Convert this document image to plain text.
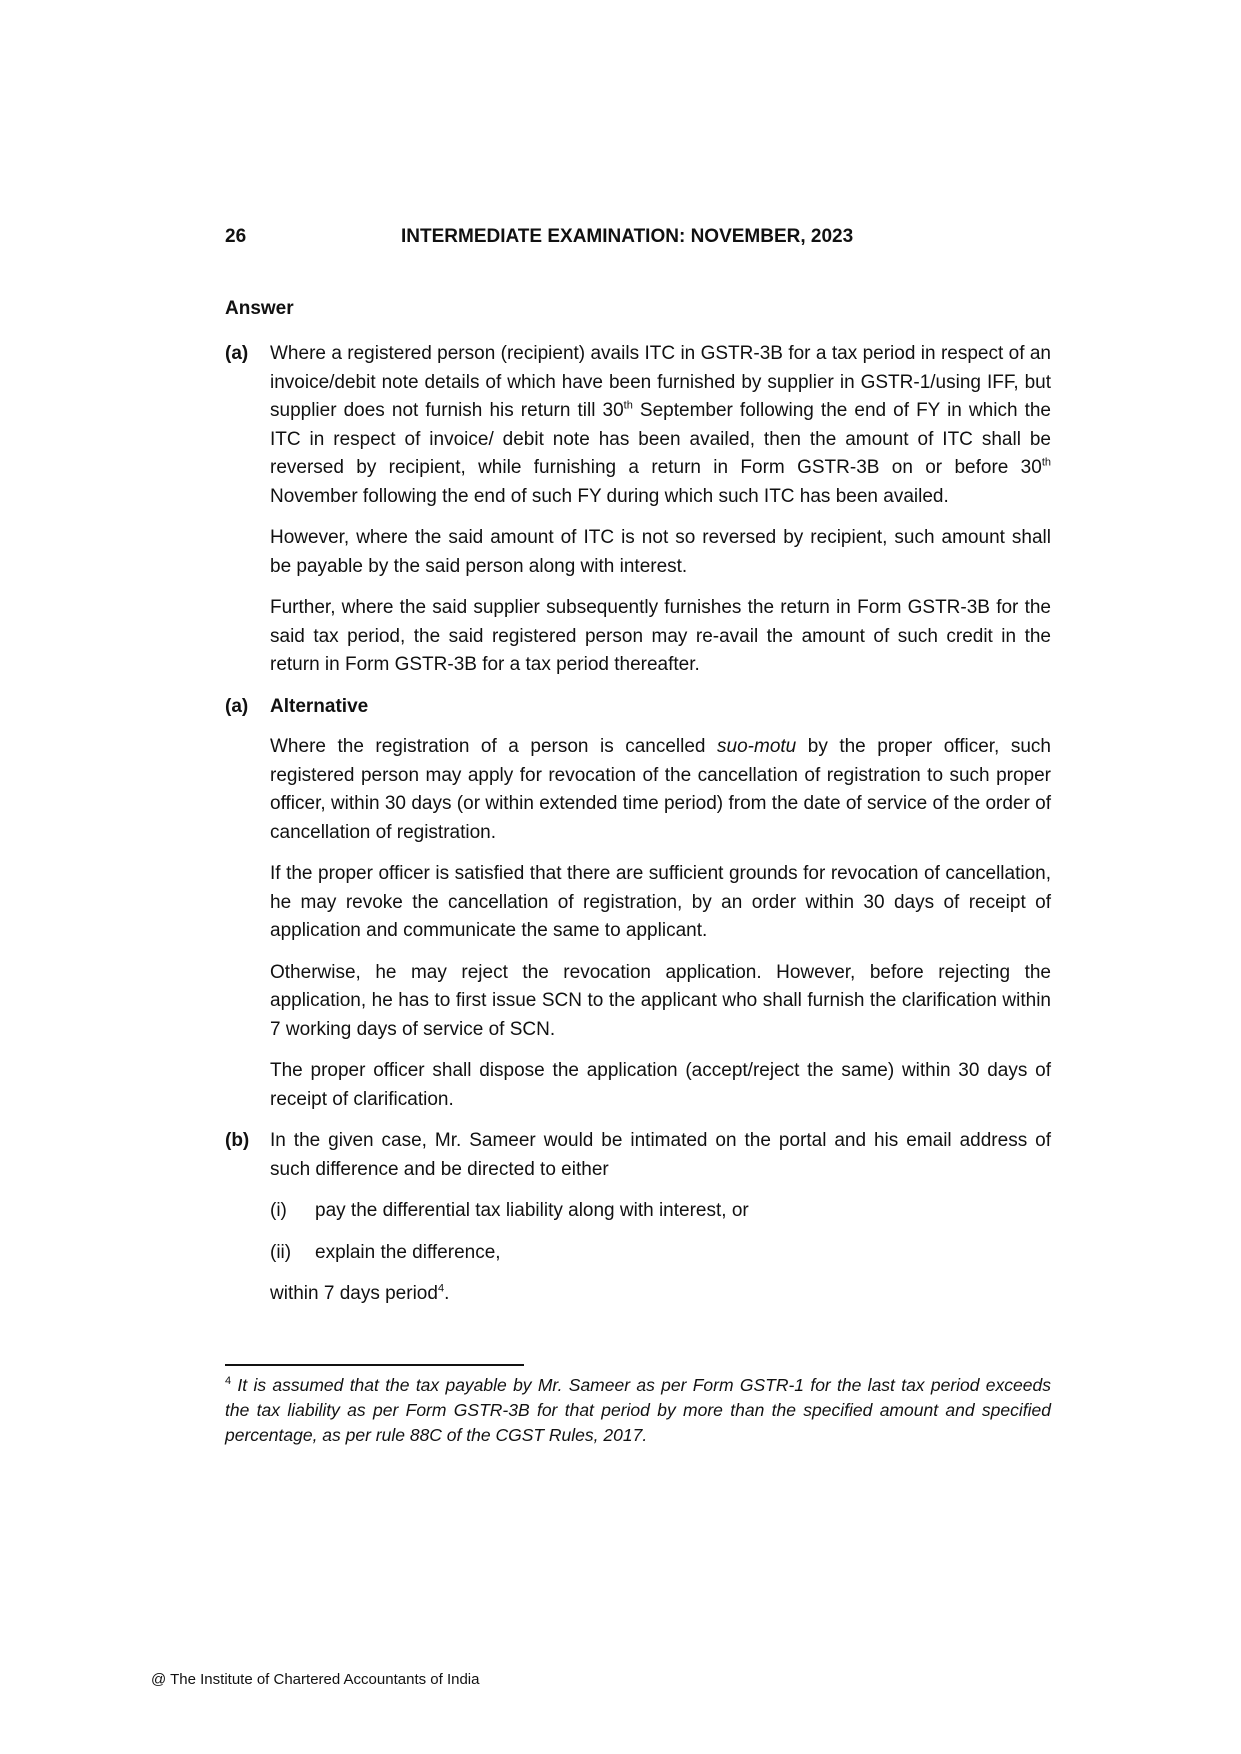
26	INTERMEDIATE EXAMINATION: NOVEMBER, 2023
Answer
(a) Where a registered person (recipient) avails ITC in GSTR-3B for a tax period in respect of an invoice/debit note details of which have been furnished by supplier in GSTR-1/using IFF, but supplier does not furnish his return till 30th September following the end of FY in which the ITC in respect of invoice/ debit note has been availed, then the amount of ITC shall be reversed by recipient, while furnishing a return in Form GSTR-3B on or before 30th November following the end of such FY during which such ITC has been availed.

However, where the said amount of ITC is not so reversed by recipient, such amount shall be payable by the said person along with interest.

Further, where the said supplier subsequently furnishes the return in Form GSTR-3B for the said tax period, the said registered person may re-avail the amount of such credit in the return in Form GSTR-3B for a tax period thereafter.

(a) Alternative

Where the registration of a person is cancelled suo-motu by the proper officer, such registered person may apply for revocation of the cancellation of registration to such proper officer, within 30 days (or within extended time period) from the date of service of the order of cancellation of registration.

If the proper officer is satisfied that there are sufficient grounds for revocation of cancellation, he may revoke the cancellation of registration, by an order within 30 days of receipt of application and communicate the same to applicant.

Otherwise, he may reject the revocation application. However, before rejecting the application, he has to first issue SCN to the applicant who shall furnish the clarification within 7 working days of service of SCN.

The proper officer shall dispose the application (accept/reject the same) within 30 days of receipt of clarification.

(b) In the given case, Mr. Sameer would be intimated on the portal and his email address of such difference and be directed to either

(i) pay the differential tax liability along with interest, or
(ii) explain the difference,

within 7 days period$^4$.

$^4$ It is assumed that the tax payable by Mr. Sameer as per Form GSTR-1 for the last tax period exceeds the tax liability as per Form GSTR-3B for that period by more than the specified amount and specified percentage, as per rule 88C of the CGST Rules, 2017.
@ The Institute of Chartered Accountants of India
